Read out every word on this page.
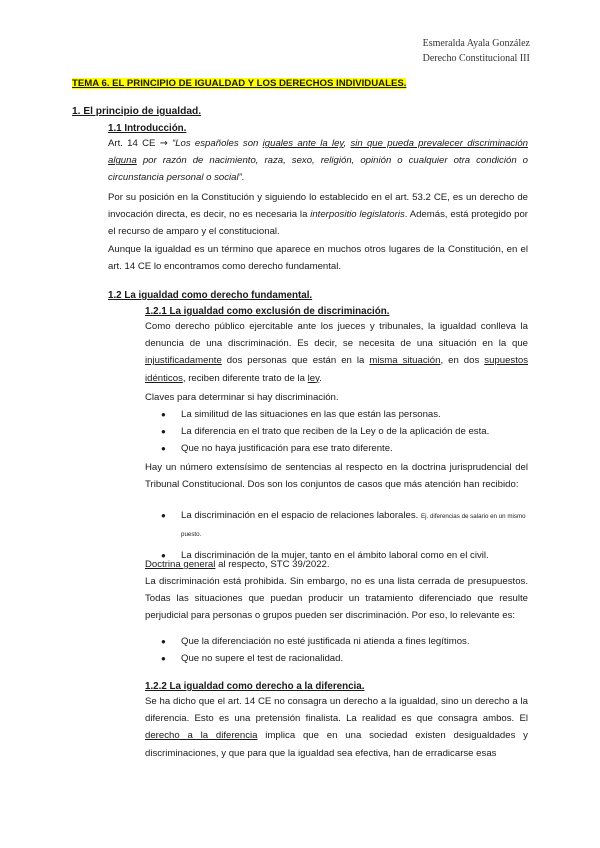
Esmeralda Ayala González
Derecho Constitucional III
TEMA 6. EL PRINCIPIO DE IGUALDAD Y LOS DERECHOS INDIVIDUALES.
1. El principio de igualdad.
1.1 Introducción.
Art. 14 CE → “Los españoles son iguales ante la ley, sin que pueda prevalecer discriminación alguna por razón de nacimiento, raza, sexo, religión, opinión o cualquier otra condición o circunstancia personal o social”.
Por su posición en la Constitución y siguiendo lo establecido en el art. 53.2 CE, es un derecho de invocación directa, es decir, no es necesaria la interpositio legislatoris. Además, está protegido por el recurso de amparo y el constitucional.
Aunque la igualdad es un término que aparece en muchos otros lugares de la Constitución, en el art. 14 CE lo encontramos como derecho fundamental.
1.2 La igualdad como derecho fundamental.
1.2.1 La igualdad como exclusión de discriminación.
Como derecho público ejercitable ante los jueces y tribunales, la igualdad conlleva la denuncia de una discriminación. Es decir, se necesita de una situación en la que injustificadamente dos personas que están en la misma situación, en dos supuestos idénticos, reciben diferente trato de la ley.
Claves para determinar si hay discriminación.
● La similitud de las situaciones en las que están las personas.
● La diferencia en el trato que reciben de la Ley o de la aplicación de esta.
● Que no haya justificación para ese trato diferente.
Hay un número extensísimo de sentencias al respecto en la doctrina jurisprudencial del Tribunal Constitucional. Dos son los conjuntos de casos que más atención han recibido:
● La discriminación en el espacio de relaciones laborales. Ej. diferencias de salario en un mismo puesto.
● La discriminación de la mujer, tanto en el ámbito laboral como en el civil.
Doctrina general al respecto, STC 39/2022.
La discriminación está prohibida. Sin embargo, no es una lista cerrada de presupuestos. Todas las situaciones que puedan producir un tratamiento diferenciado que resulte perjudicial para personas o grupos pueden ser discriminación. Por eso, lo relevante es:
● Que la diferenciación no esté justificada ni atienda a fines legítimos.
● Que no supere el test de racionalidad.
1.2.2 La igualdad como derecho a la diferencia.
Se ha dicho que el art. 14 CE no consagra un derecho a la igualdad, sino un derecho a la diferencia. Esto es una pretensión finalista. La realidad es que consagra ambos. El derecho a la diferencia implica que en una sociedad existen desigualdades y discriminaciones, y que para que la igualdad sea efectiva, han de erradicarse esas
